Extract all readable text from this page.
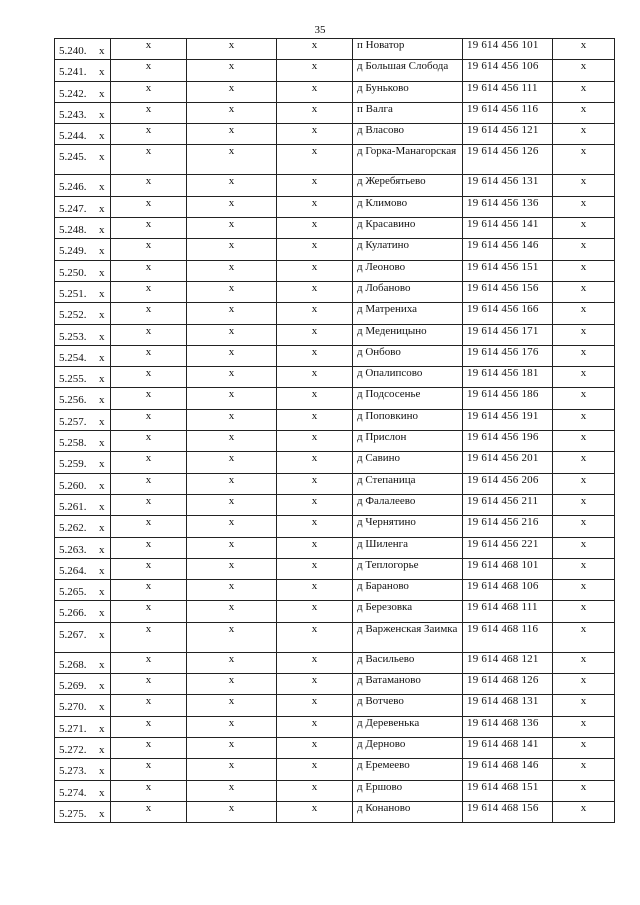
35
5.240. x	x	x	x	п Новатор	19 614 456 101	x
5.241. x	x	x	x	д Большая Слобода	19 614 456 106	x
5.242. x	x	x	x	д Буньково	19 614 456 111	x
5.243. x	x	x	x	п Валга	19 614 456 116	x
5.244. x	x	x	x	д Власово	19 614 456 121	x
5.245. x	x	x	x	д Горка-Манагорская	19 614 456 126	x
5.246. x	x	x	x	д Жеребятьево	19 614 456 131	x
5.247. x	x	x	x	д Климово	19 614 456 136	x
5.248. x	x	x	x	д Красавино	19 614 456 141	x
5.249. x	x	x	x	д Кулатино	19 614 456 146	x
5.250. x	x	x	x	д Леоново	19 614 456 151	x
5.251. x	x	x	x	д Лобаново	19 614 456 156	x
5.252. x	x	x	x	д Матрениха	19 614 456 166	x
5.253. x	x	x	x	д Меденицыно	19 614 456 171	x
5.254. x	x	x	x	д Онбово	19 614 456 176	x
5.255. x	x	x	x	д Опалипсово	19 614 456 181	x
5.256. x	x	x	x	д Подсосенье	19 614 456 186	x
5.257. x	x	x	x	д Поповкино	19 614 456 191	x
5.258. x	x	x	x	д Прислон	19 614 456 196	x
5.259. x	x	x	x	д Савино	19 614 456 201	x
5.260. x	x	x	x	д Степаница	19 614 456 206	x
5.261. x	x	x	x	д Фалалеево	19 614 456 211	x
5.262. x	x	x	x	д Чернятино	19 614 456 216	x
5.263. x	x	x	x	д Шиленга	19 614 456 221	x
5.264. x	x	x	x	д Теплогорье	19 614 468 101	x
5.265. x	x	x	x	д Бараново	19 614 468 106	x
5.266. x	x	x	x	д Березовка	19 614 468 111	x
5.267. x	x	x	x	д Варженская Заимка	19 614 468 116	x
5.268. x	x	x	x	д Васильево	19 614 468 121	x
5.269. x	x	x	x	д Ватаманово	19 614 468 126	x
5.270. x	x	x	x	д Вотчево	19 614 468 131	x
5.271. x	x	x	x	д Деревенька	19 614 468 136	x
5.272. x	x	x	x	д Дерново	19 614 468 141	x
5.273. x	x	x	x	д Еремеево	19 614 468 146	x
5.274. x	x	x	x	д Ершово	19 614 468 151	x
5.275. x	x	x	x	д Конаново	19 614 468 156	x
